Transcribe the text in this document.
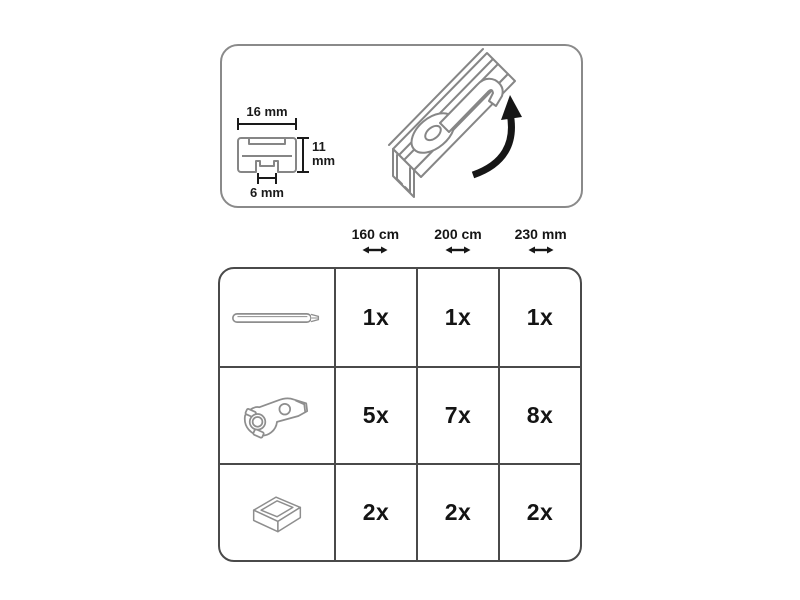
16 mm
11 mm
6 mm
160 cm	200 cm 230 mm
1x 1x 1x
5x 7x 8x
2x 2x 2x
